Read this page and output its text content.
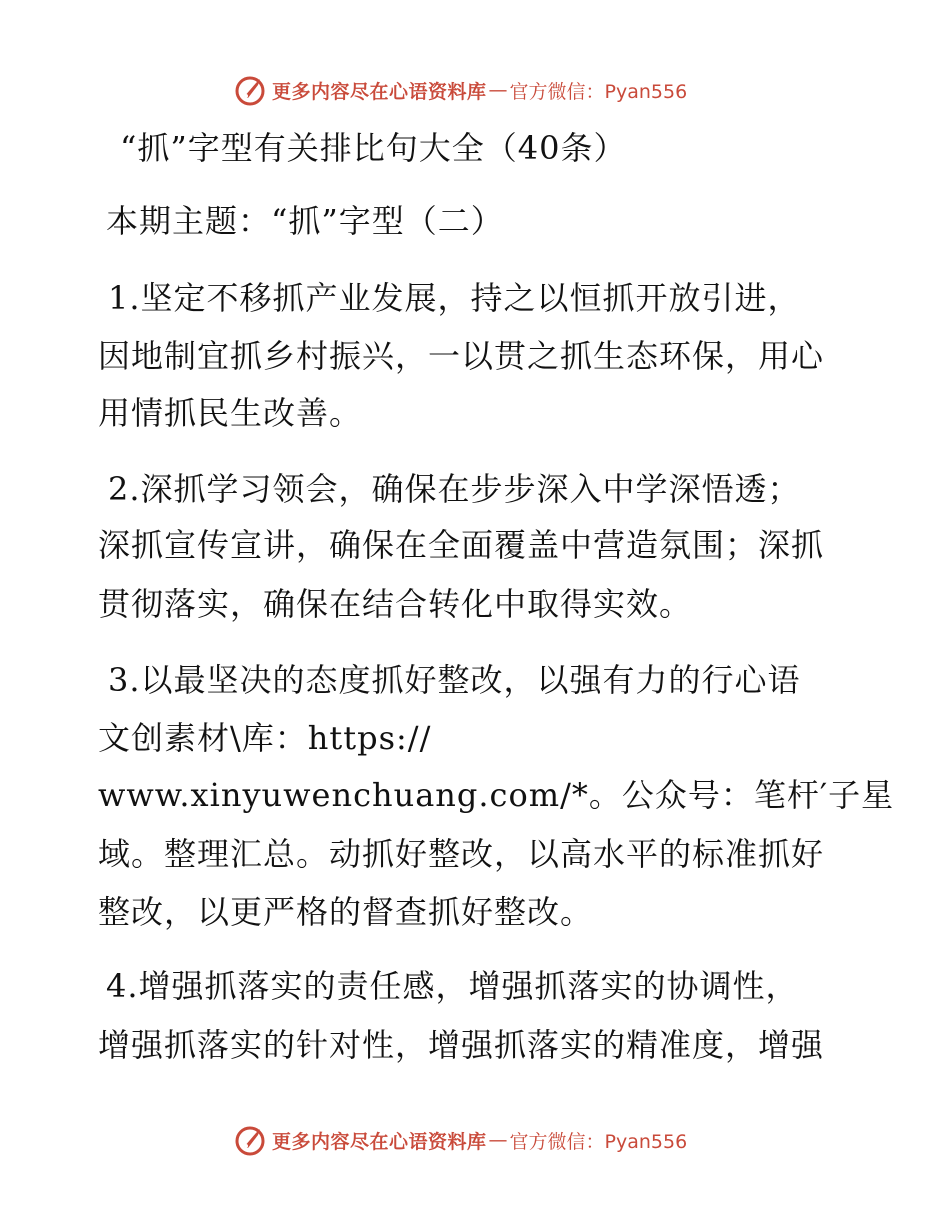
更多内容尽在心语资料库 — 官方微信：Pyan556
“抓”字型有关排比句大全（40条）
本期主题：“抓”字型（二）
1.坚定不移抓产业发展，持之以恒抓开放引进，
因地制宜抓乡村振兴，一以贯之抓生态环保，用心
用情抓民生改善。
2.深抓学习领会，确保在步步深入中学深悟透；
深抓宣传宣讲，确保在全面覆盖中营造氛围；深抓
贯彻落实，确保在结合转化中取得实效。
3.以最坚决的态度抓好整改，以强有力的行心语
文创素材\库：https://
www.xinyuwenchuang.com/*。公众号：笔杆′子星
域。整理汇总。动抓好整改，以高水平的标准抓好
整改，以更严格的督查抓好整改。
4.增强抓落实的责任感，增强抓落实的协调性，
增强抓落实的针对性，增强抓落实的精准度，增强
更多内容尽在心语资料库 — 官方微信：Pyan556
